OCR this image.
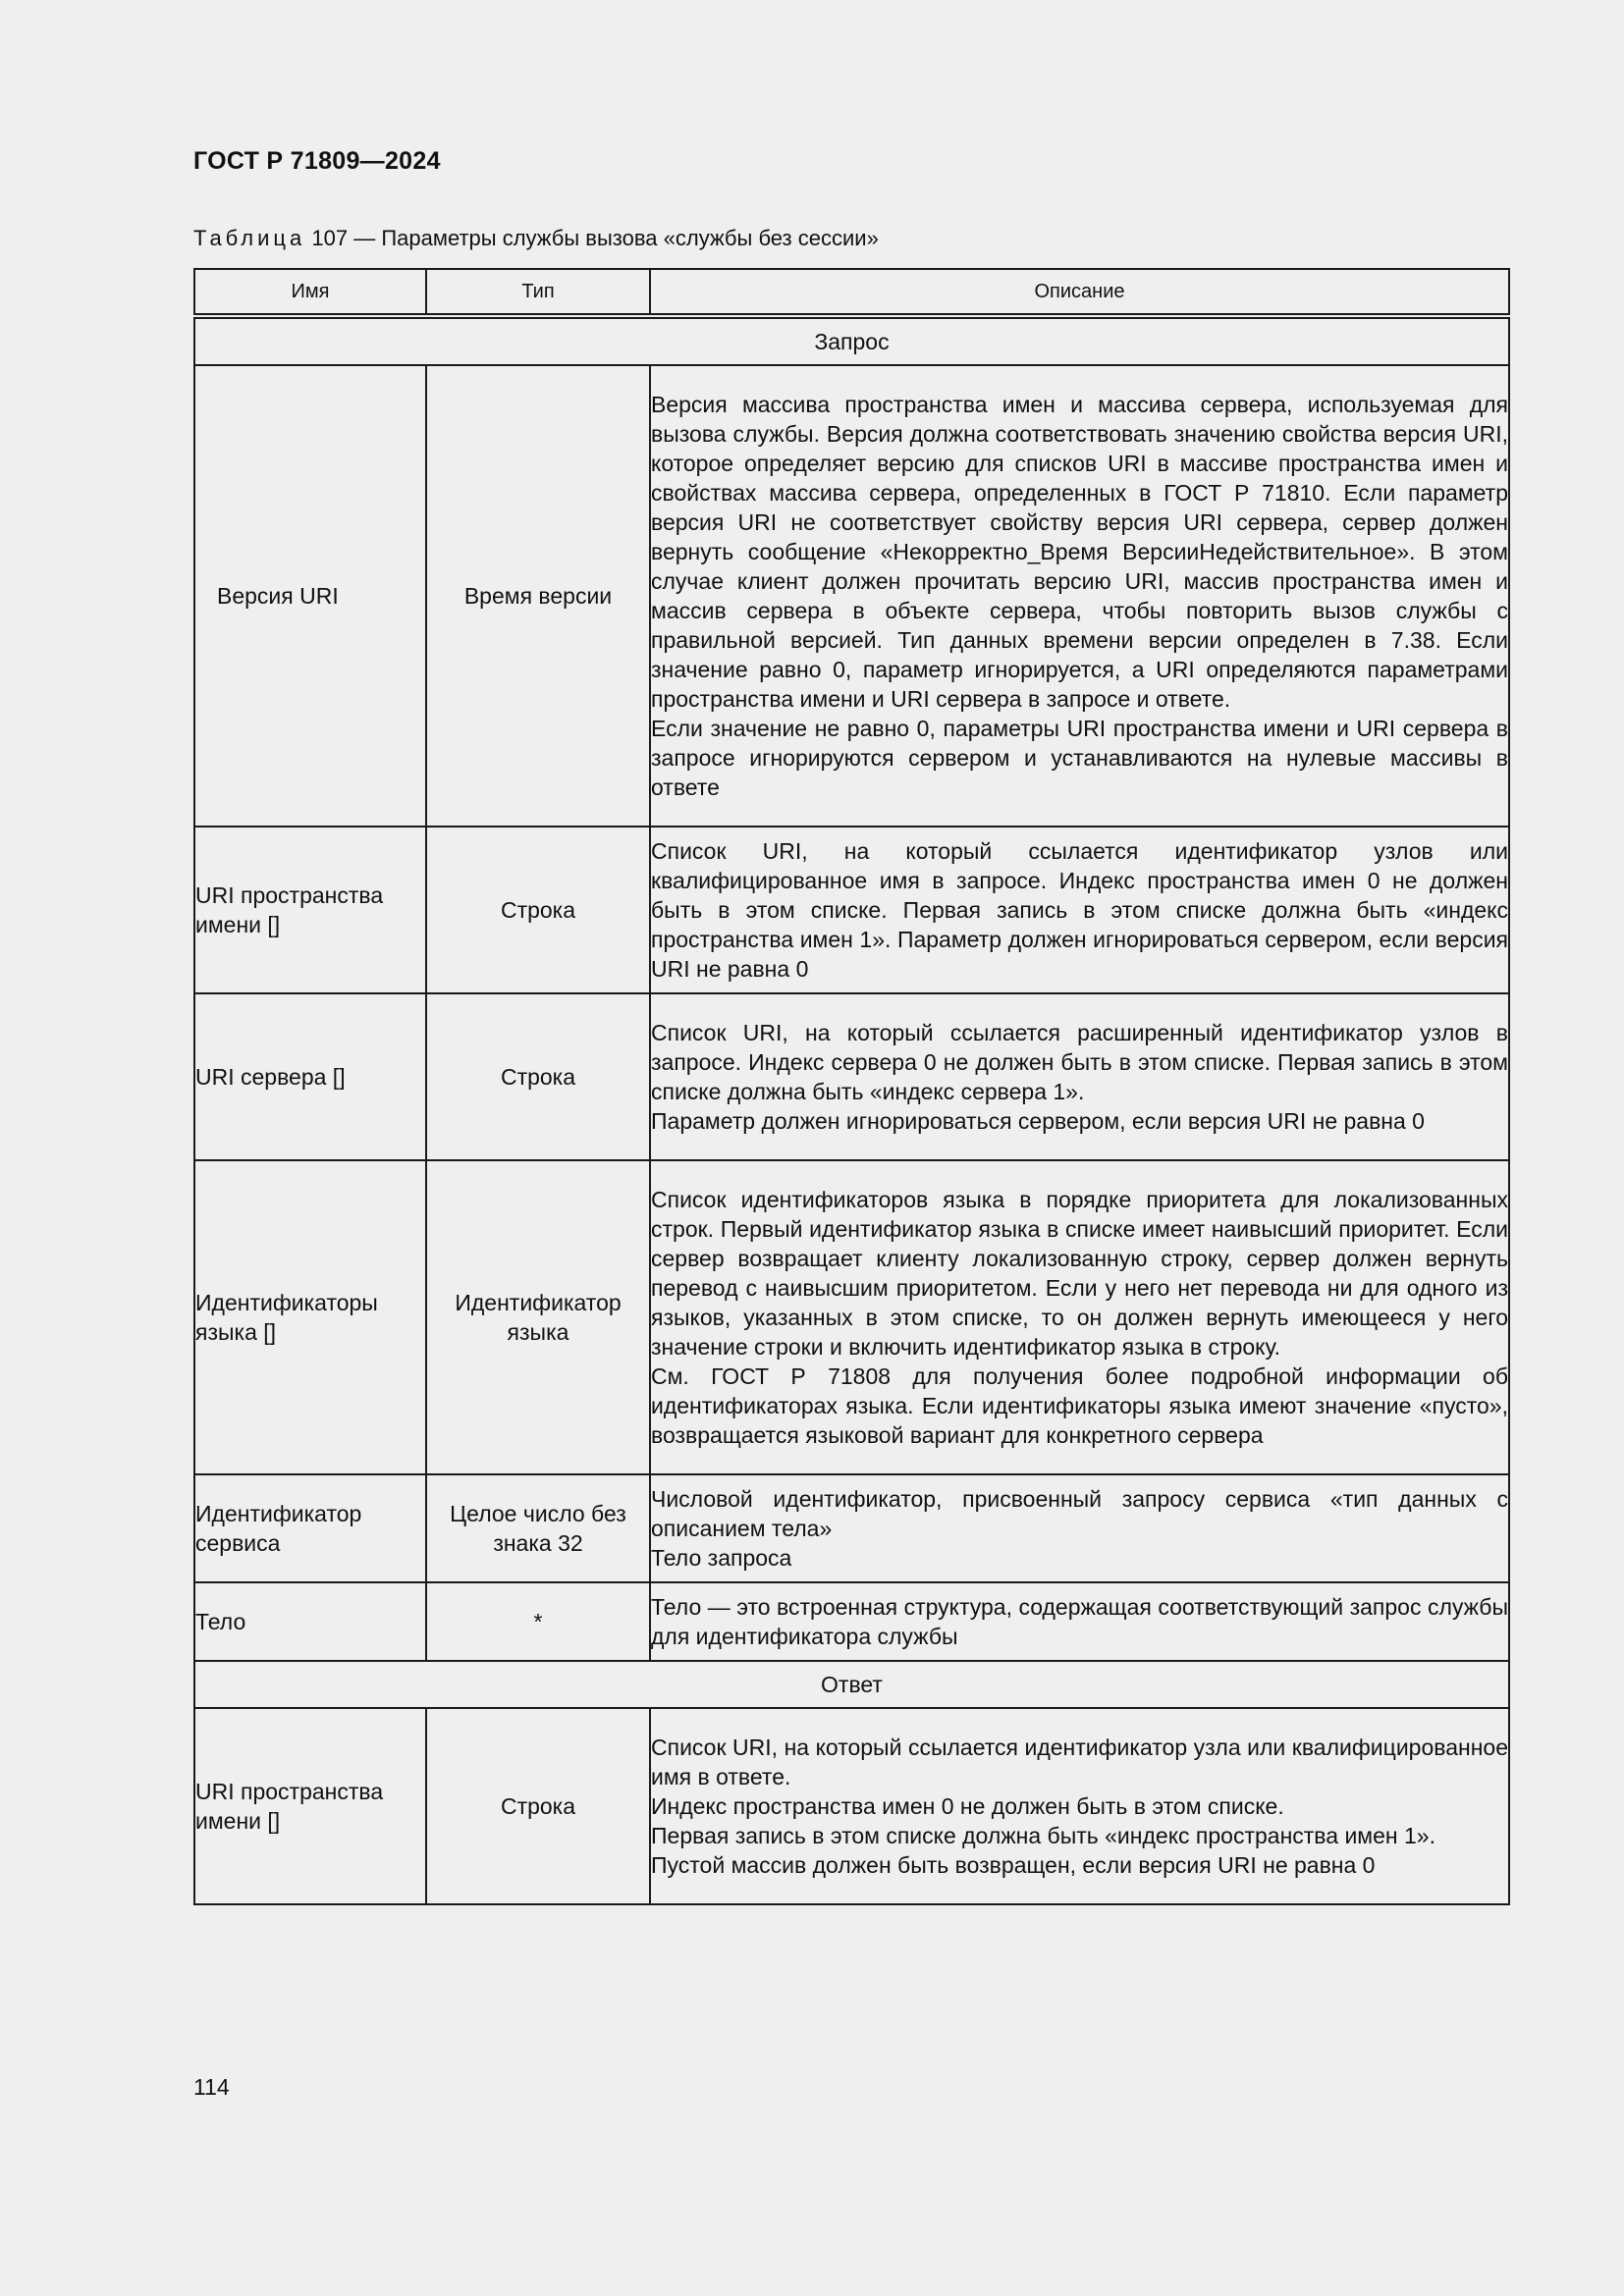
ГОСТ Р 71809—2024
Таблица 107 — Параметры службы вызова «службы без сессии»
Имя	Тип	Описание
Запрос		
Версия URI	Время версии	Версия массива пространства имен и массива сервера, используемая для вызова службы. Версия должна соответствовать значению свойства версия URI, которое определяет версию для списков URI в массиве пространства имен и свойствах массива сервера, определенных в ГОСТ Р 71810. Если параметр версия URI не соответствует свойству версия URI сервера, сервер должен вернуть сообщение «Некорректно_Время ВерсииНедействительное». В этом случае клиент должен прочитать версию URI, массив пространства имен и массив сервера в объекте сервера, чтобы повторить вызов службы с правильной версией. Тип данных времени версии определен в 7.38. Если значение равно 0, параметр игнорируется, а URI определяются параметрами пространства имени и URI сервера в запросе и ответе.
Если значение не равно 0, параметры URI пространства имени и URI сервера в запросе игнорируются сервером и устанавливаются на нулевые массивы в ответе

URI пространства имени []	Строка	Список URI, на который ссылается идентификатор узлов или квалифицированное имя в запросе. Индекс пространства имен 0 не должен быть в этом списке. Первая запись в этом списке должна быть «индекс пространства имен 1». Параметр должен игнорироваться сервером, если версия URI не равна 0

URI сервера []	Строка	Список URI, на который ссылается расширенный идентификатор узлов в запросе. Индекс сервера 0 не должен быть в этом списке. Первая запись в этом списке должна быть «индекс сервера 1».
Параметр должен игнорироваться сервером, если версия URI не равна 0

Идентификаторы языка []	Идентификатор языка	Список идентификаторов языка в порядке приоритета для локализованных строк. Первый идентификатор языка в списке имеет наивысший приоритет. Если сервер возвращает клиенту локализованную строку, сервер должен вернуть перевод с наивысшим приоритетом. Если у него нет перевода ни для одного из языков, указанных в этом списке, то он должен вернуть имеющееся у него значение строки и включить идентификатор языка в строку.
См. ГОСТ Р 71808 для получения более подробной информации об идентификаторах языка. Если идентификаторы языка имеют значение «пусто», возвращается языковой вариант для конкретного сервера

Идентификатор сервиса	Целое число без знака 32	Числовой идентификатор, присвоенный запросу сервиса «тип данных с описанием тела»
Тело запроса

Тело	*	Тело — это встроенная структура, содержащая соответствующий запрос службы для идентификатора службы

Ответ		
URI пространства имени []	Строка	Список URI, на который ссылается идентификатор узла или квалифицированное имя в ответе.
Индекс пространства имен 0 не должен быть в этом списке.
Первая запись в этом списке должна быть «индекс пространства имен 1».
Пустой массив должен быть возвращен, если версия URI не равна 0
114
